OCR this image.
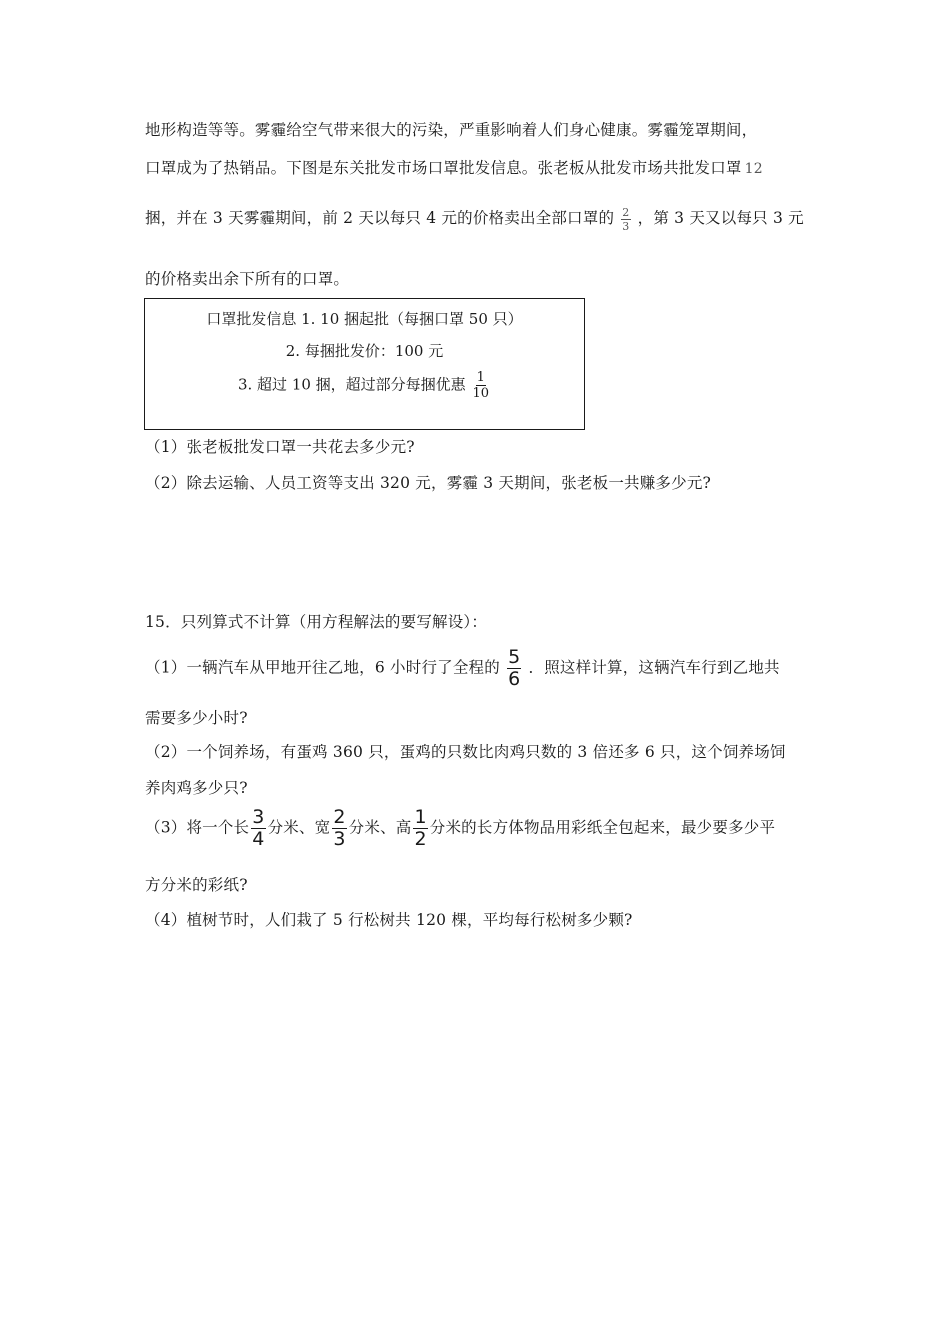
地形构造等等。雾霾给空气带来很大的污染，严重影响着人们身心健康。雾霾笼罩期间，
口罩成为了热销品。下图是东关批发市场口罩批发信息。张老板从批发市场共批发口罩 12
捆，并在 3 天雾霾期间，前 2 天以每只 4 元的价格卖出全部口罩的 $\frac{2}{3}$ ，第 3 天又以每只 3 元
的价格卖出余下所有的口罩。
口罩批发信息 1. 10 捆起批（每捆口罩 50 只）
2. 每捆批发价：100 元
3. 超过 10 捆，超过部分每捆优惠 $\frac{1}{10}$
（1）张老板批发口罩一共花去多少元?
（2）除去运输、人员工资等支出 320 元，雾霾 3 天期间，张老板一共赚多少元?
15．只列算式不计算（用方程解法的要写解设）：
（1）一辆汽车从甲地开往乙地，6 小时行了全程的 $\frac{5}{6}$ ．照这样计算，这辆汽车行到乙地共
需要多少小时?
（2）一个饲养场，有蛋鸡 360 只，蛋鸡的只数比肉鸡只数的 3 倍还多 6 只，这个饲养场饲
养肉鸡多少只?
（3）将一个长 $\frac{3}{4}$ 分米、宽 $\frac{2}{3}$ 分米、高 $\frac{1}{2}$ 分米的长方体物品用彩纸全包起来，最少要多少平
方分米的彩纸?
（4）植树节时，人们栽了 5 行松树共 120 棵，平均每行松树多少颗?
